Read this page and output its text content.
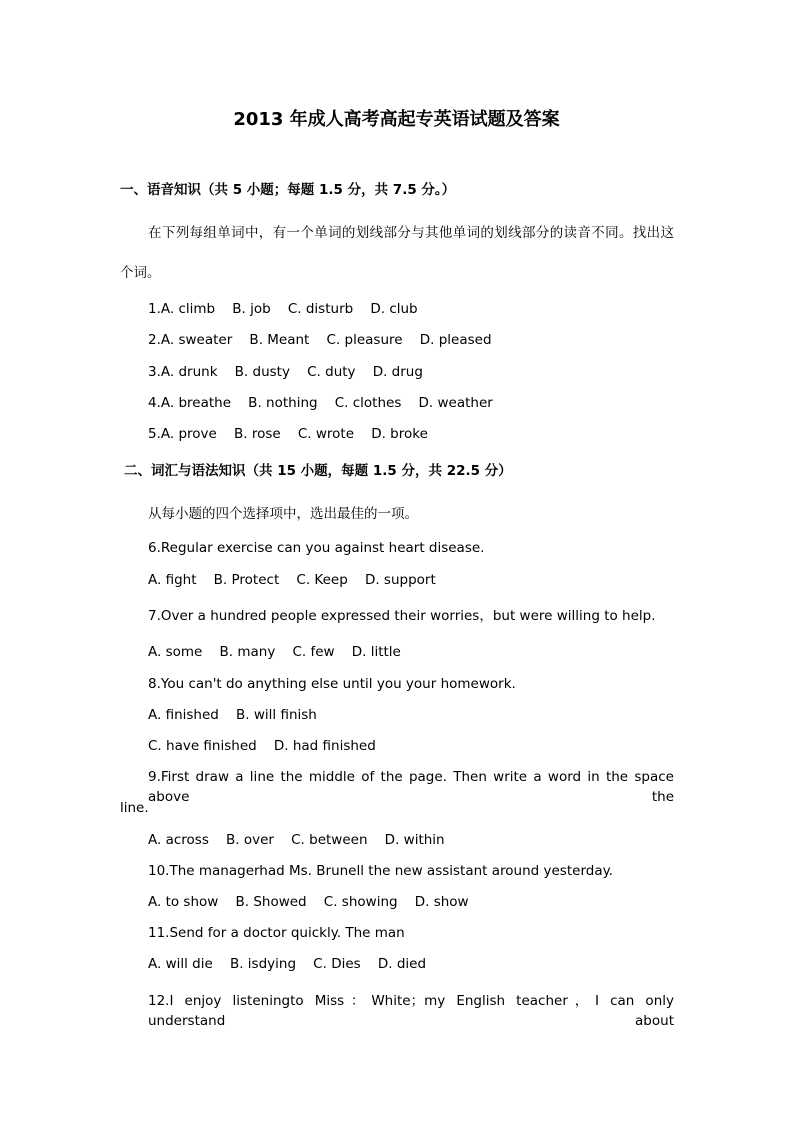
2013 年成人高考高起专英语试题及答案
一、语音知识（共 5 小题；每题 1.5 分，共 7.5 分。）
在下列每组单词中，有一个单词的划线部分与其他单词的划线部分的读音不同。找出这
个词。
1.A. climb    B. job    C. disturb    D. club
2.A. sweater    B. Meant    C. pleasure    D. pleased
3.A. drunk    B. dusty    C. duty    D. drug
4.A. breathe    B. nothing    C. clothes    D. weather
5.A. prove    B. rose    C. wrote    D. broke
二、词汇与语法知识（共 15 小题，每题 1.5 分，共 22.5 分）
从每小题的四个选择项中，选出最佳的一项。
6.Regular exercise can you against heart disease.
A. fight    B. Protect    C. Keep    D. support
7.Over a hundred people expressed their worries，but were willing to help.
A. some    B. many    C. few    D. little
8.You can't do anything else until you your homework.
A. finished    B. will finish
C. have finished    D. had finished
9.First draw a line the middle of the page. Then write a word in the space above the
line.
A. across    B. over    C. between    D. within
10.The managerhad Ms. Brunell the new assistant around yesterday.
A. to show    B. Showed    C. showing    D. show
11.Send for a doctor quickly. The man
A. will die    B. isdying    C. Dies    D. died
12.I enjoy listeningto Miss：White；my English teacher，I can only understand about
